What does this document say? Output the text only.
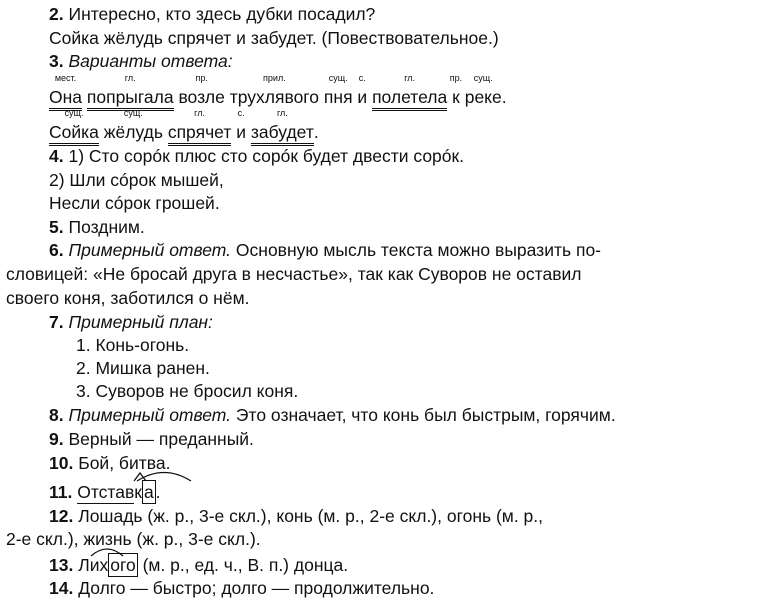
2. Интересно, кто здесь дубки посадил?
Сойка жёлудь спрячет и забудет. (Повествовательное.)
3. Варианты ответа:
мест.
Она
гл.
попрыгала
пр.
возле
прил.
трухлявого
сущ.
пня
с.
и
гл.
полетела
пр.
к
сущ.
реке.
сущ.
Сойка
сущ.
жёлудь
гл.
спрячет
с.
и
гл.
забудет.
4. 1) Сто сорóк плюс сто сорóк будет двести сорóк.
2) Шли сóрок мышей,
Несли сóрок грошей.
5. Поздним.
6. Примерный ответ. Основную мысль текста можно выразить по-
словицей: «Не бросай друга в несчастье», так как Суворов не оставил
своего коня, заботился о нём.
7. Примерный план:
1. Конь-огонь.
2. Мишка ранен.
3. Суворов не бросил коня.
8. Примерный ответ. Это означает, что конь был быстрым, горячим.
9. Верный — преданный.
10. Бой, битва.
11. Отставк а .
12. Лошадь (ж. р., 3-е скл.), конь (м. р., 2-е скл.), огонь (м. р.,
2-е скл.), жизнь (ж. р., 3-е скл.).
13. Лих ого (м. р., ед. ч., В. п.) донца.
14. Долго — быстро; долго — продолжительно.
